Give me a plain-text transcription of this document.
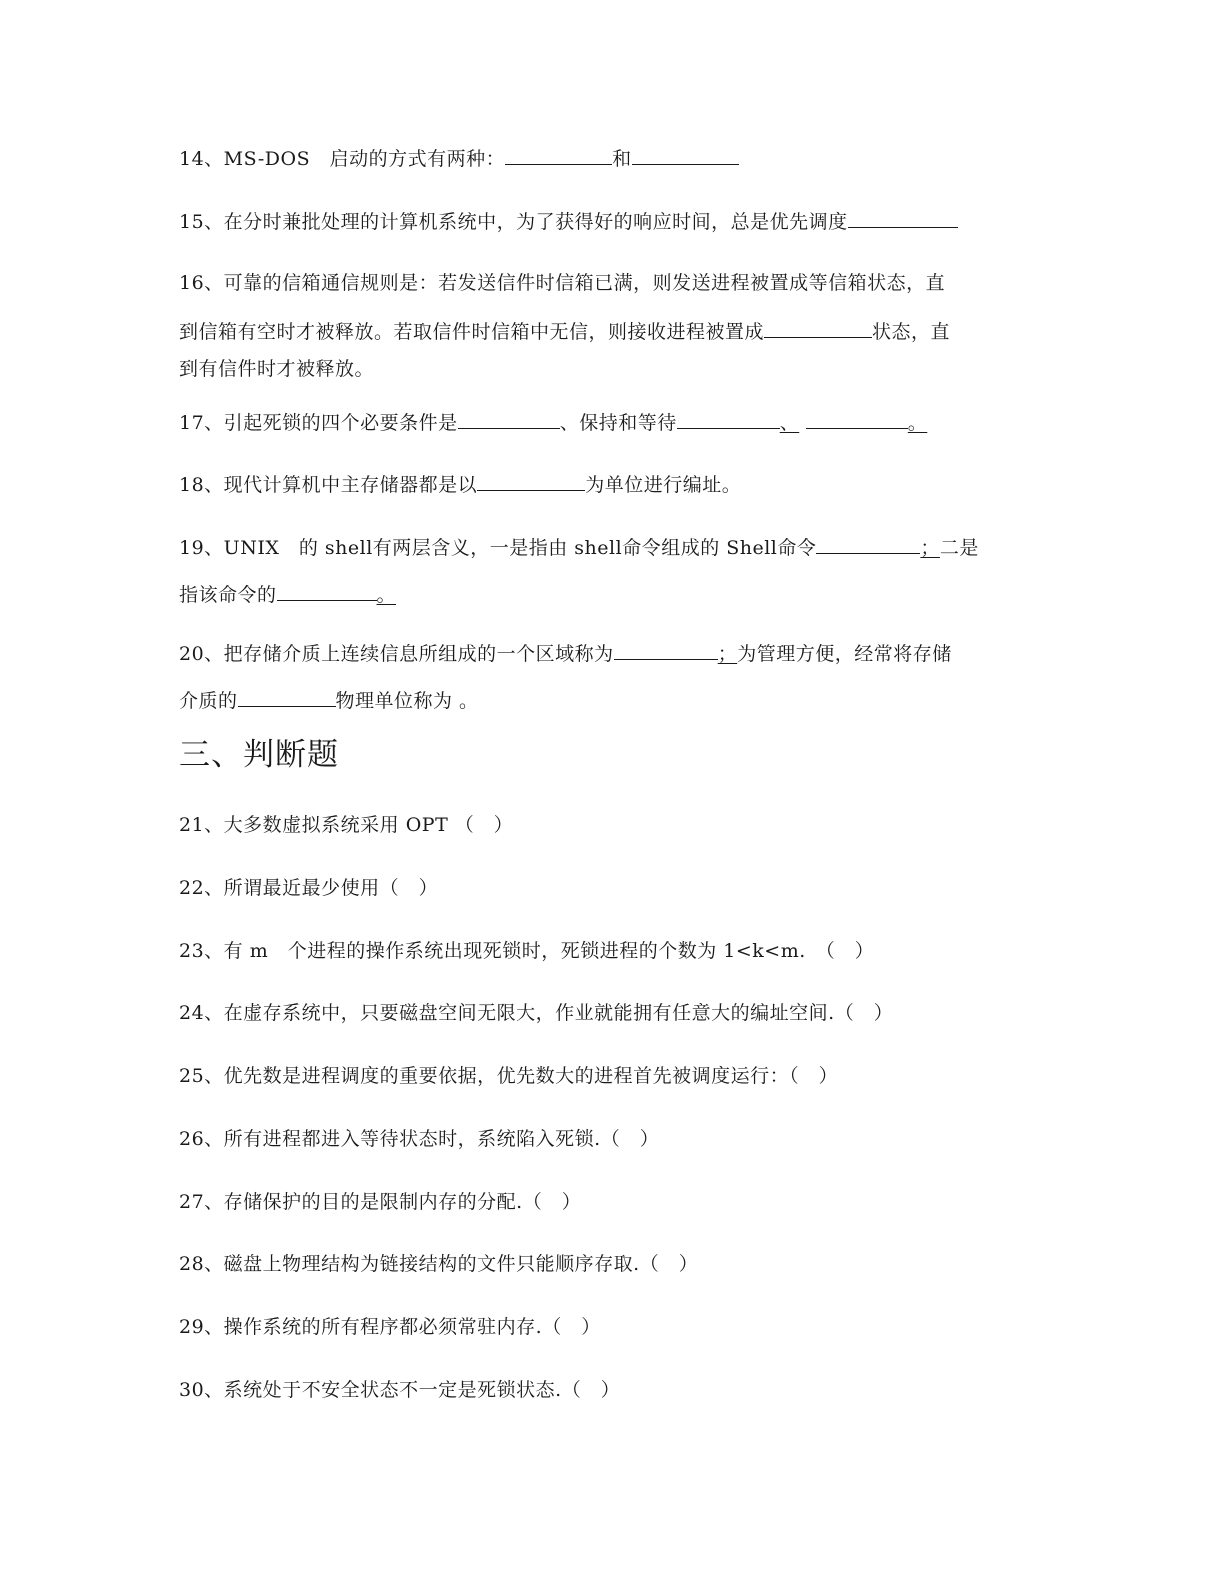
14、MS-DOS　启动的方式有两种：	和
15、在分时兼批处理的计算机系统中，为了获得好的响应时间，总是优先调度
16、可靠的信箱通信规则是：若发送信件时信箱已满，则发送进程被置成等信箱状态，直
到信箱有空时才被释放。若取信件时信箱中无信，则接收进程被置成	状态，直
到有信件时才被释放。
17、引起死锁的四个必要条件是	、保持和等待	、	。
18、现代计算机中主存储器都是以	为单位进行编址。
19、UNIX　的 shell有两层含义，一是指由 shell命令组成的 Shell命令	；二是
指该命令的	。
20、把存储介质上连续信息所组成的一个区域称为	；为管理方便，经常将存储
介质的	物理单位称为 。
三、判断题
21、大多数虚拟系统采用 OPT （　）
22、所谓最近最少使用（　）
23、有 m　个进程的操作系统出现死锁时，死锁进程的个数为 1<k<m.　（　）
24、在虚存系统中，只要磁盘空间无限大，作业就能拥有任意大的编址空间.（　）
25、优先数是进程调度的重要依据，优先数大的进程首先被调度运行：（　）
26、所有进程都进入等待状态时，系统陷入死锁.（　）
27、存储保护的目的是限制内存的分配.（　）
28、磁盘上物理结构为链接结构的文件只能顺序存取.（　）
29、操作系统的所有程序都必须常驻内存.（　）
30、系统处于不安全状态不一定是死锁状态.（　）
